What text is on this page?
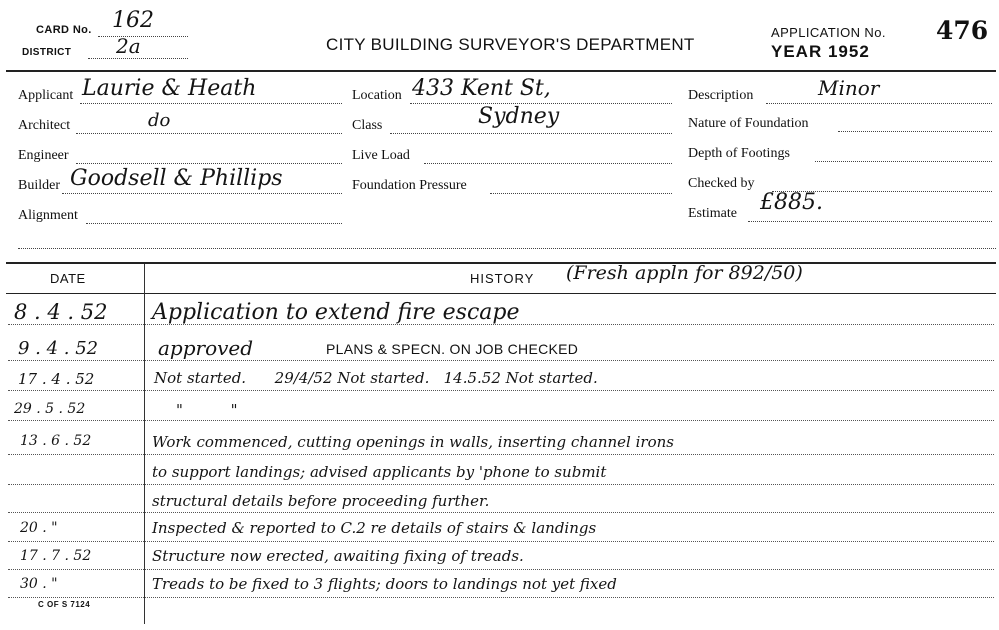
CARD No. 162
DISTRICT 2a	CITY BUILDING SURVEYOR'S DEPARTMENT
APPLICATION No. 476
YEAR 1952
Applicant Laurie & Heath
Architect	do
Engineer
Builder Goodsell & Phillips
Alignment
Location 433 Kent St,
Class	Sydney
Live Load
Foundation Pressure
Description	Minor
Nature of Foundation
Depth of Footings
Checked by
Estimate £885.
DATE	HISTORY (Fresh appln for 892/50)
8 . 4 . 52 Application to extend fire escape
9 . 4 . 52	approved	PLANS & SPECN. ON JOB CHECKED
17 . 4 . 52	Not started.      29/4/52 Not started.   14.5.52 Not started.
29 . 5 . 52	"          "
13 . 6 . 52	Work commenced, cutting openings in walls, inserting channel irons
to support landings; advised applicants by 'phone to submit
structural details before proceeding further.
20 . "	Inspected & reported to C.2 re details of stairs & landings
17 . 7 . 52	Structure now erected, awaiting fixing of treads.
30 . "	Treads to be fixed to 3 flights; doors to landings not yet fixed
C OF S 7124
